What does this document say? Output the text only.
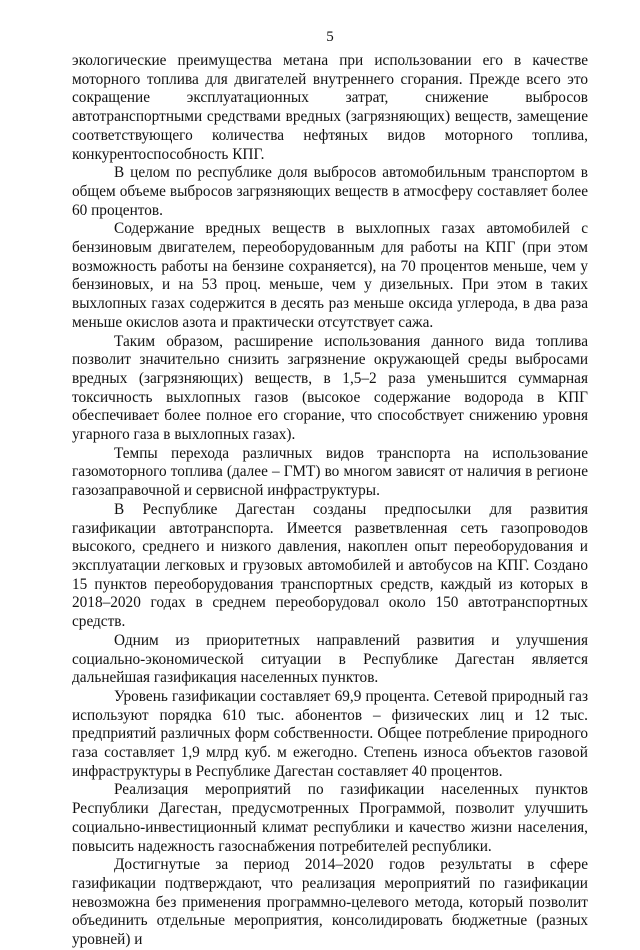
5

экологические преимущества метана при использовании его в качестве моторного топлива для двигателей внутреннего сгорания. Прежде всего это сокращение эксплуатационных затрат, снижение выбросов автотранспортными средствами вредных (загрязняющих) веществ, замещение соответствующего количества нефтяных видов моторного топлива, конкурентоспособность КПГ.

В целом по республике доля выбросов автомобильным транспортом в общем объеме выбросов загрязняющих веществ в атмосферу составляет более 60 процентов.

Содержание вредных веществ в выхлопных газах автомобилей с бензиновым двигателем, переоборудованным для работы на КПГ (при этом возможность работы на бензине сохраняется), на 70 процентов меньше, чем у бензиновых, и на 53 проц. меньше, чем у дизельных. При этом в таких выхлопных газах содержится в десять раз меньше оксида углерода, в два раза меньше окислов азота и практически отсутствует сажа.

Таким образом, расширение использования данного вида топлива позволит значительно снизить загрязнение окружающей среды выбросами вредных (загрязняющих) веществ, в 1,5–2 раза уменьшится суммарная токсичность выхлопных газов (высокое содержание водорода в КПГ обеспечивает более полное его сгорание, что способствует снижению уровня угарного газа в выхлопных газах).

Темпы перехода различных видов транспорта на использование газомоторного топлива (далее – ГМТ) во многом зависят от наличия в регионе газозаправочной и сервисной инфраструктуры.

В Республике Дагестан созданы предпосылки для развития газификации автотранспорта. Имеется разветвленная сеть газопроводов высокого, среднего и низкого давления, накоплен опыт переоборудования и эксплуатации легковых и грузовых автомобилей и автобусов на КПГ. Создано 15 пунктов переоборудования транспортных средств, каждый из которых в 2018–2020 годах в среднем переоборудовал около 150 автотранспортных средств.

Одним из приоритетных направлений развития и улучшения социально-экономической ситуации в Республике Дагестан является дальнейшая газификация населенных пунктов.

Уровень газификации составляет 69,9 процента. Сетевой природный газ используют порядка 610 тыс. абонентов – физических лиц и 12 тыс. предприятий различных форм собственности. Общее потребление природного газа составляет 1,9 млрд куб. м ежегодно. Степень износа объектов газовой инфраструктуры в Республике Дагестан составляет 40 процентов.

Реализация мероприятий по газификации населенных пунктов Республики Дагестан, предусмотренных Программой, позволит улучшить социально-инвестиционный климат республики и качество жизни населения, повысить надежность газоснабжения потребителей республики.

Достигнутые за период 2014–2020 годов результаты в сфере газификации подтверждают, что реализация мероприятий по газификации невозможна без применения программно-целевого метода, который позволит объединить отдельные мероприятия, консолидировать бюджетные (разных уровней) и
